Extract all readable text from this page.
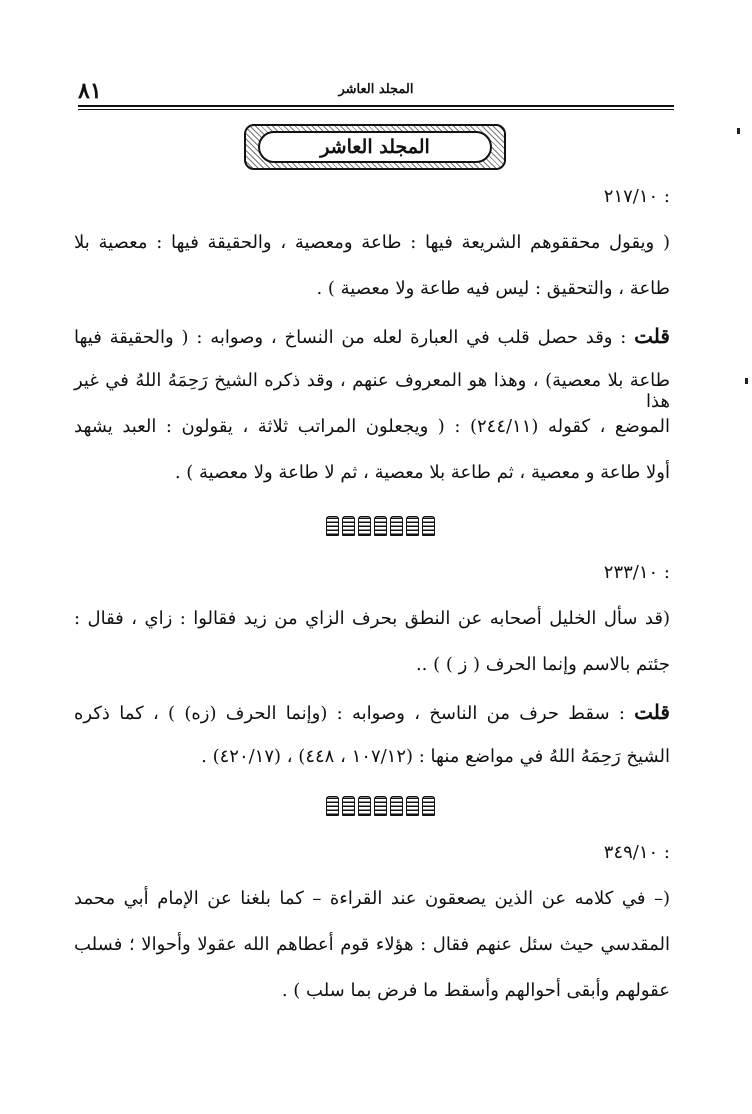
٨١	المجلد العاشر
المجلد العاشر
: ٢١٧/١٠
( ويقول محققوهم الشريعة فيها : طاعة ومعصية ، والحقيقة فيها : معصية بلا
طاعة ، والتحقيق : ليس فيه طاعة ولا معصية ) .
قلت : وقد حصل قلب في العبارة لعله من النساخ ، وصوابه : ( والحقيقة فيها
طاعة بلا معصية) ، وهذا هو المعروف عنهم ، وقد ذكره الشيخ رَحِمَهُ اللهُ في غير هذا
الموضع ، كقوله (٢٤٤/١١) : ( ويجعلون المراتب ثلاثة ، يقولون : العبد يشهد
أولا طاعة و معصية ، ثم طاعة بلا معصية ، ثم لا طاعة ولا معصية ) .
: ٢٣٣/١٠
(قد سأل الخليل أصحابه عن النطق بحرف الزاي من زيد فقالوا : زاي ، فقال :
جئتم بالاسم وإنما الحرف ( ز ) ) ..
قلت : سقط حرف من الناسخ ، وصوابه : (وإنما الحرف (زه) ) ، كما ذكره
الشيخ رَحِمَهُ اللهُ في مواضع منها : (١٠٧/١٢ ، ٤٤٨) ، (٤٢٠/١٧) .
: ٣٤٩/١٠
(– في كلامه عن الذين يصعقون عند القراءة – كما بلغنا عن الإمام أبي محمد
المقدسي حيث سئل عنهم فقال : هؤلاء قوم أعطاهم الله عقولا وأحوالا ؛ فسلب
عقولهم وأبقى أحوالهم وأسقط ما فرض بما سلب ) .
